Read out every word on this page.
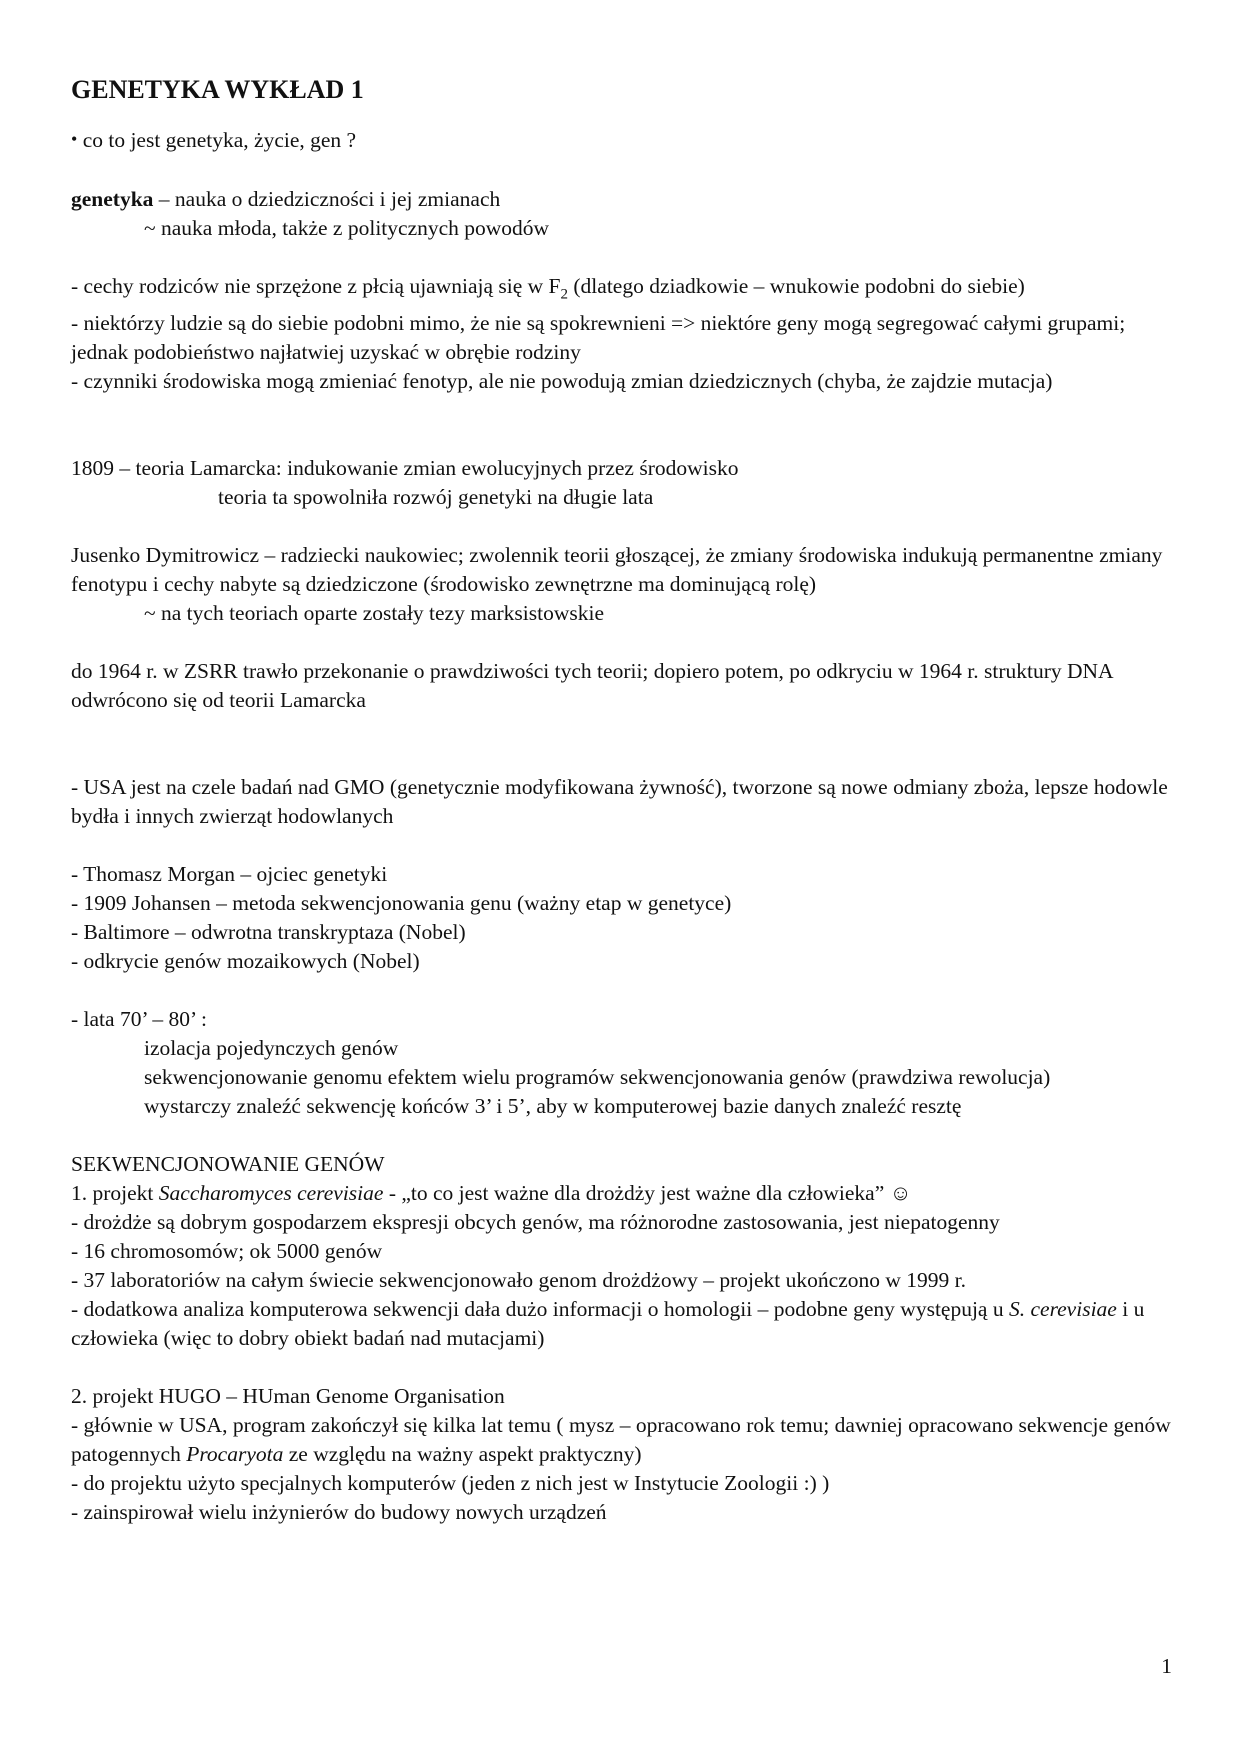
GENETYKA WYKŁAD 1

• co to jest genetyka, życie, gen ?

genetyka – nauka o dziedziczności i jej zmianach

~ nauka młoda, także z politycznych powodów

- cechy rodziców nie sprzężone z płcią ujawniają się w $F_2$ (dlatego dziadkowie – wnukowie podobni do siebie)

- niektórzy ludzie są do siebie podobni mimo, że nie są spokrewnieni => niektóre geny mogą segregować całymi grupami; jednak podobieństwo najłatwiej uzyskać w obrębie rodziny

- czynniki środowiska mogą zmieniać fenotyp, ale nie powodują zmian dziedzicznych (chyba, że zajdzie mutacja)

1809 – teoria Lamarcka: indukowanie zmian ewolucyjnych przez środowisko

teoria ta spowolniła rozwój genetyki na długie lata

Jusenko Dymitrowicz – radziecki naukowiec; zwolennik teorii głoszącej, że zmiany środowiska indukują permanentne zmiany fenotypu i cechy nabyte są dziedziczone (środowisko zewnętrzne ma dominującą rolę)

~ na tych teoriach oparte zostały tezy marksistowskie

do 1964 r. w ZSRR trawło przekonanie o prawdziwości tych teorii; dopiero potem, po odkryciu w 1964 r. struktury DNA odwrócono się od teorii Lamarcka

- USA jest na czele badań nad GMO (genetycznie modyfikowana żywność), tworzone są nowe odmiany zboża, lepsze hodowle bydła i innych zwierząt hodowlanych

- Thomasz Morgan – ojciec genetyki

- 1909 Johansen – metoda sekwencjonowania genu (ważny etap w genetyce)

- Baltimore – odwrotna transkryptaza (Nobel)

- odkrycie genów mozaikowych (Nobel)

- lata 70’ – 80’ :

izolacja pojedynczych genów

sekwencjonowanie genomu efektem wielu programów sekwencjonowania genów (prawdziwa rewolucja)

wystarczy znaleźć sekwencję końców 3’ i 5’, aby w komputerowej bazie danych znaleźć resztę

SEKWENCJONOWANIE GENÓW

1. projekt Saccharomyces cerevisiae - „to co jest ważne dla drożdży jest ważne dla człowieka” ☺

- drożdże są dobrym gospodarzem ekspresji obcych genów, ma różnorodne zastosowania, jest niepatogenny

- 16 chromosomów; ok 5000 genów

- 37 laboratoriów na całym świecie sekwencjonowało genom drożdżowy – projekt ukończono w 1999 r.

- dodatkowa analiza komputerowa sekwencji dała dużo informacji o homologii – podobne geny występują u S. cerevisiae i u człowieka (więc to dobry obiekt badań nad mutacjami)

2. projekt HUGO – HUman Genome Organisation

- głównie w USA, program zakończył się kilka lat temu ( mysz – opracowano rok temu; dawniej opracowano sekwencje genów patogennych Procaryota ze względu na ważny aspekt praktyczny)

- do projektu użyto specjalnych komputerów (jeden z nich jest w Instytucie Zoologii :) )

- zainspirował wielu inżynierów do budowy nowych urządzeń

1
